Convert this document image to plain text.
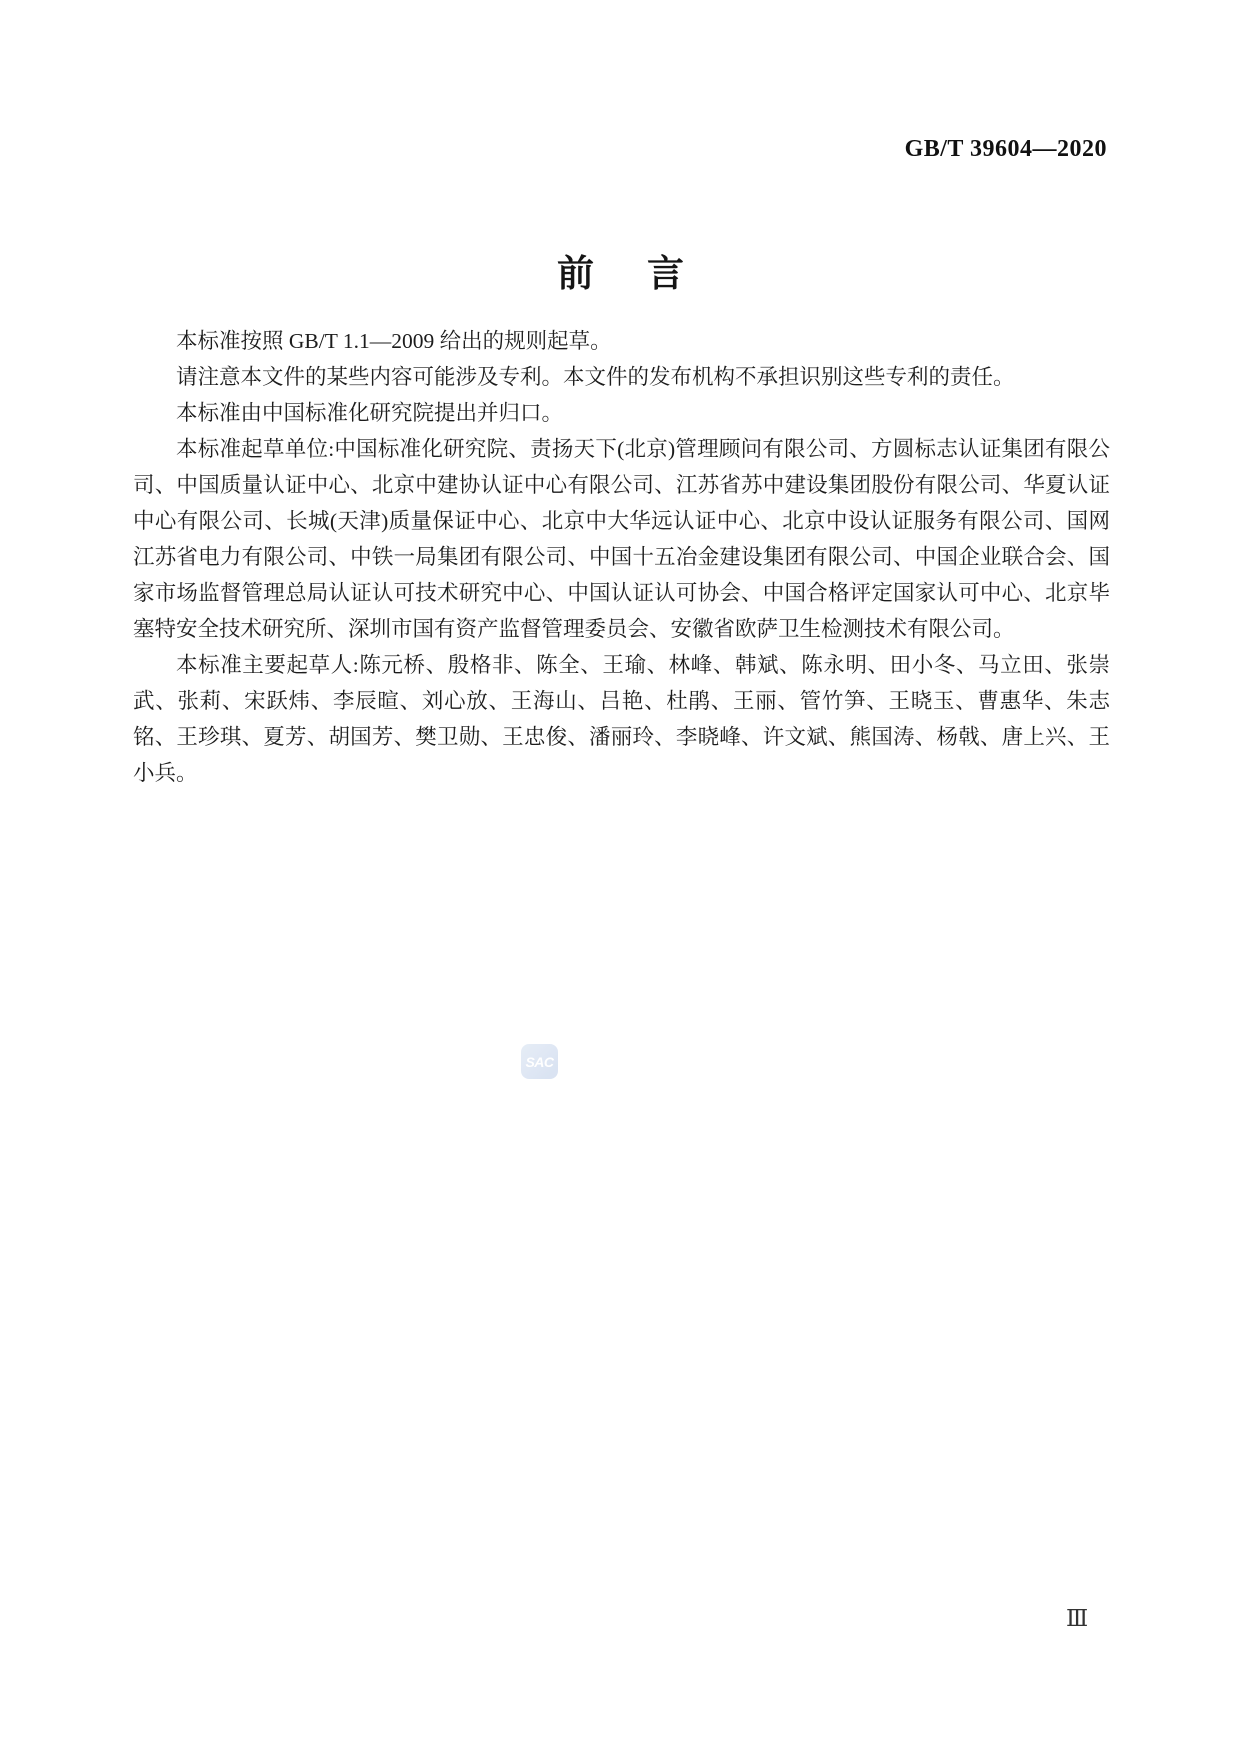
GB/T 39604—2020
前　言

本标准按照 GB/T 1.1—2009 给出的规则起草。

请注意本文件的某些内容可能涉及专利。本文件的发布机构不承担识别这些专利的责任。

本标准由中国标准化研究院提出并归口。

本标准起草单位:中国标准化研究院、责扬天下(北京)管理顾问有限公司、方圆标志认证集团有限公司、中国质量认证中心、北京中建协认证中心有限公司、江苏省苏中建设集团股份有限公司、华夏认证中心有限公司、长城(天津)质量保证中心、北京中大华远认证中心、北京中设认证服务有限公司、国网江苏省电力有限公司、中铁一局集团有限公司、中国十五冶金建设集团有限公司、中国企业联合会、国家市场监督管理总局认证认可技术研究中心、中国认证认可协会、中国合格评定国家认可中心、北京毕塞特安全技术研究所、深圳市国有资产监督管理委员会、安徽省欧萨卫生检测技术有限公司。

本标准主要起草人:陈元桥、殷格非、陈全、王瑜、林峰、韩斌、陈永明、田小冬、马立田、张崇武、张莉、宋跃炜、李辰暄、刘心放、王海山、吕艳、杜鹃、王丽、管竹笋、王晓玉、曹惠华、朱志铭、王珍琪、夏芳、胡国芳、樊卫勋、王忠俊、潘丽玲、李晓峰、许文斌、熊国涛、杨戟、唐上兴、王小兵。

SAC
Ⅲ
